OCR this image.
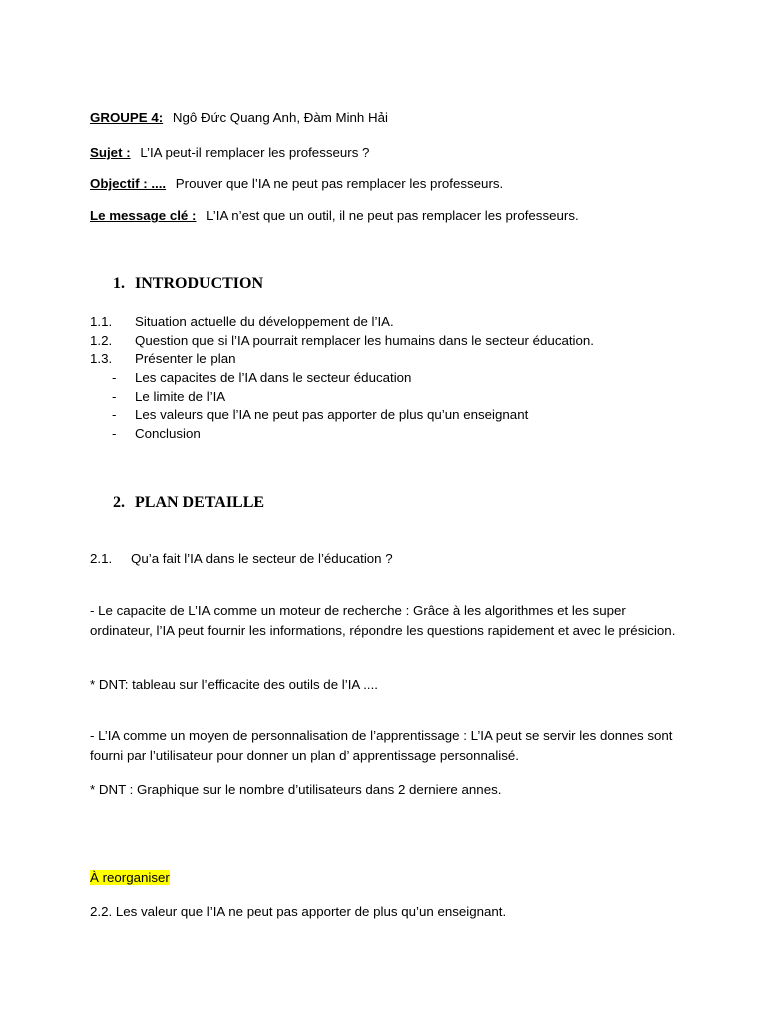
GROUPE 4: Ngô Đức Quang Anh, Đàm Minh Hải
Sujet : L’IA peut-il remplacer les professeurs ?
Objectif : .... Prouver que l’IA ne peut pas remplacer les professeurs.
Le message clé : L’IA n’est que un outil, il ne peut pas remplacer les professeurs.
1. INTRODUCTION
1.1. Situation actuelle du développement de l’IA.
1.2. Question que si l’IA pourrait remplacer les humains dans le secteur éducation.
1.3. Présenter le plan
- Les capacites de l’IA dans le secteur éducation
- Le limite de l’IA
- Les valeurs que l’IA ne peut pas apporter de plus qu’un enseignant
- Conclusion
2. PLAN DETAILLE
2.1. Qu’a fait l’IA dans le secteur de l’éducation ?
- Le capacite de L’IA comme un moteur de recherche : Grâce à les algorithmes et les super ordinateur, l’IA peut fournir les informations, répondre les questions rapidement et avec le présicion.
* DNT: tableau sur l’efficacite des outils de l’IA ....
- L’IA comme un moyen de personnalisation de l’apprentissage : L’IA peut se servir les donnes sont fourni par l’utilisateur pour donner un plan d’ apprentissage personnalisé.
* DNT : Graphique sur le nombre d’utilisateurs dans 2 derniere annes.
À reorganiser
2.2. Les valeur que l’IA ne peut pas apporter de plus qu’un enseignant.
